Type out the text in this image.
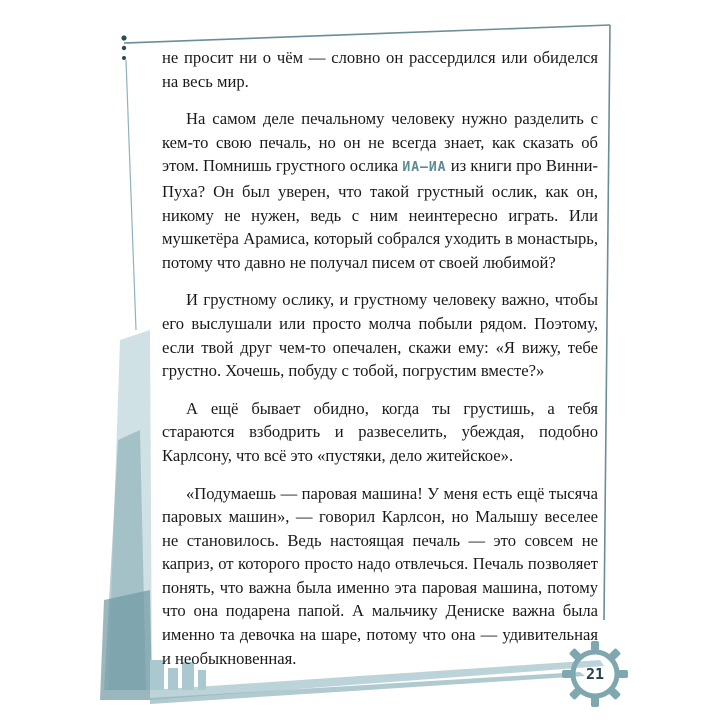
не просит ни о чём — словно он рассердился или обиделся на весь мир.

На самом деле печальному человеку нужно разделить с кем-то свою печаль, но он не всегда знает, как сказать об этом. Помнишь грустного ослика ИА–ИА из книги про Винни-Пуха? Он был уверен, что такой грустный ослик, как он, никому не нужен, ведь с ним неинтересно играть. Или мушкетёра Арамиса, который собрался уходить в монастырь, потому что давно не получал писем от своей любимой?

И грустному ослику, и грустному человеку важно, чтобы его выслушали или просто молча побыли рядом. Поэтому, если твой друг чем-то опечален, скажи ему: «Я вижу, тебе грустно. Хочешь, побуду с тобой, погрустим вместе?»

А ещё бывает обидно, когда ты грустишь, а тебя стараются взбодрить и развеселить, убеждая, подобно Карлсону, что всё это «пустяки, дело житейское».

«Подумаешь — паровая машина! У меня есть ещё тысяча паровых машин», — говорил Карлсон, но Малышу веселее не становилось. Ведь настоящая печаль — это совсем не каприз, от которого просто надо отвлечься. Печаль позволяет понять, что важна была именно эта паровая машина, потому что она подарена папой. А мальчику Дениске важна была именно та девочка на шаре, потому что она — удивительная и необыкновенная.

21
